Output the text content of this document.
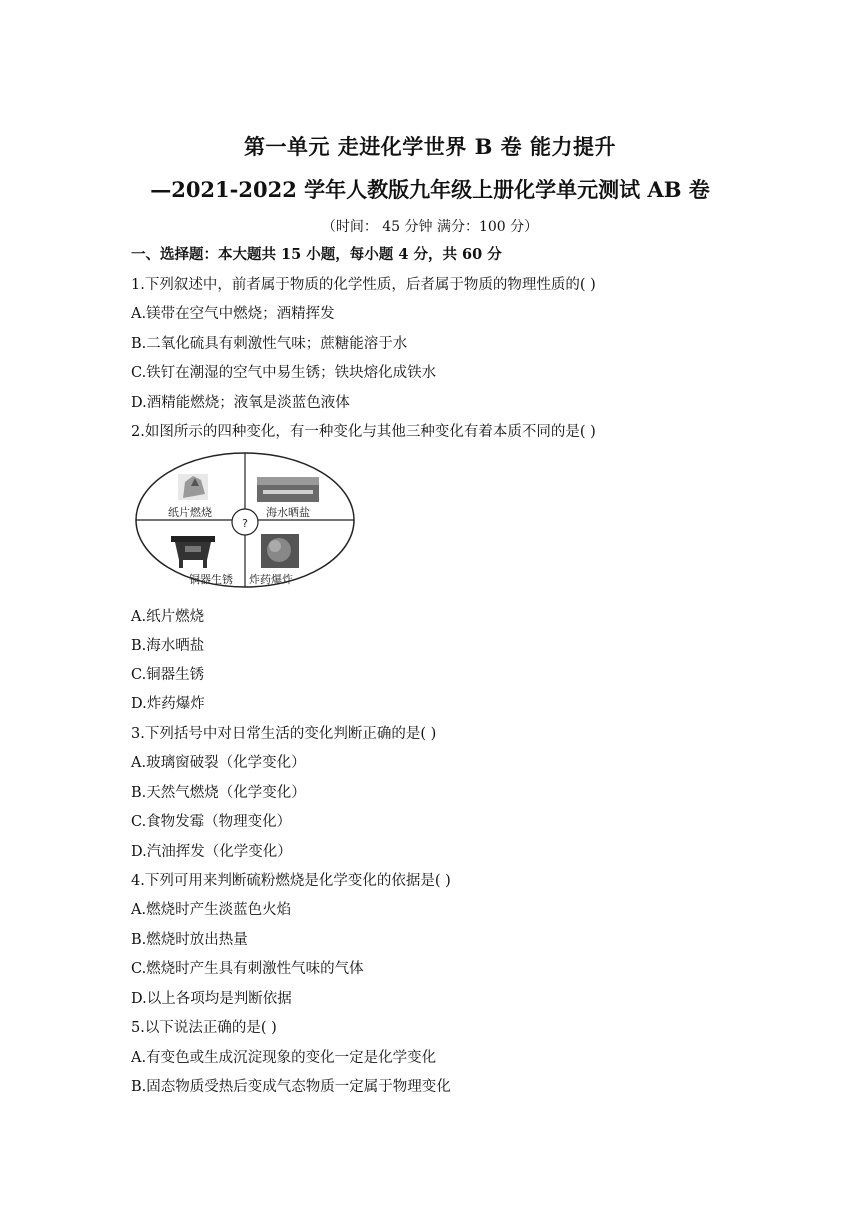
第一单元 走进化学世界 B 卷 能力提升
—2021-2022 学年人教版九年级上册化学单元测试 AB 卷
（时间： 45 分钟 满分：100 分）
一、选择题：本大题共 15 小题，每小题 4 分，共 60 分
1.下列叙述中，前者属于物质的化学性质，后者属于物质的物理性质的( )
A.镁带在空气中燃烧；酒精挥发
B.二氧化硫具有刺激性气味；蔗糖能溶于水
C.铁钉在潮湿的空气中易生锈；铁块熔化成铁水
D.酒精能燃烧；液氧是淡蓝色液体
2.如图所示的四种变化，有一种变化与其他三种变化有着本质不同的是( )
?
纸片燃烧	海水晒盐
铜器生锈 炸药爆炸
A.纸片燃烧
B.海水晒盐
C.铜器生锈
D.炸药爆炸
3.下列括号中对日常生活的变化判断正确的是( )
A.玻璃窗破裂（化学变化）
B.天然气燃烧（化学变化）
C.食物发霉（物理变化）
D.汽油挥发（化学变化）
4.下列可用来判断硫粉燃烧是化学变化的依据是( )
A.燃烧时产生淡蓝色火焰
B.燃烧时放出热量
C.燃烧时产生具有刺激性气味的气体
D.以上各项均是判断依据
5.以下说法正确的是( )
A.有变色或生成沉淀现象的变化一定是化学变化
B.固态物质受热后变成气态物质一定属于物理变化
